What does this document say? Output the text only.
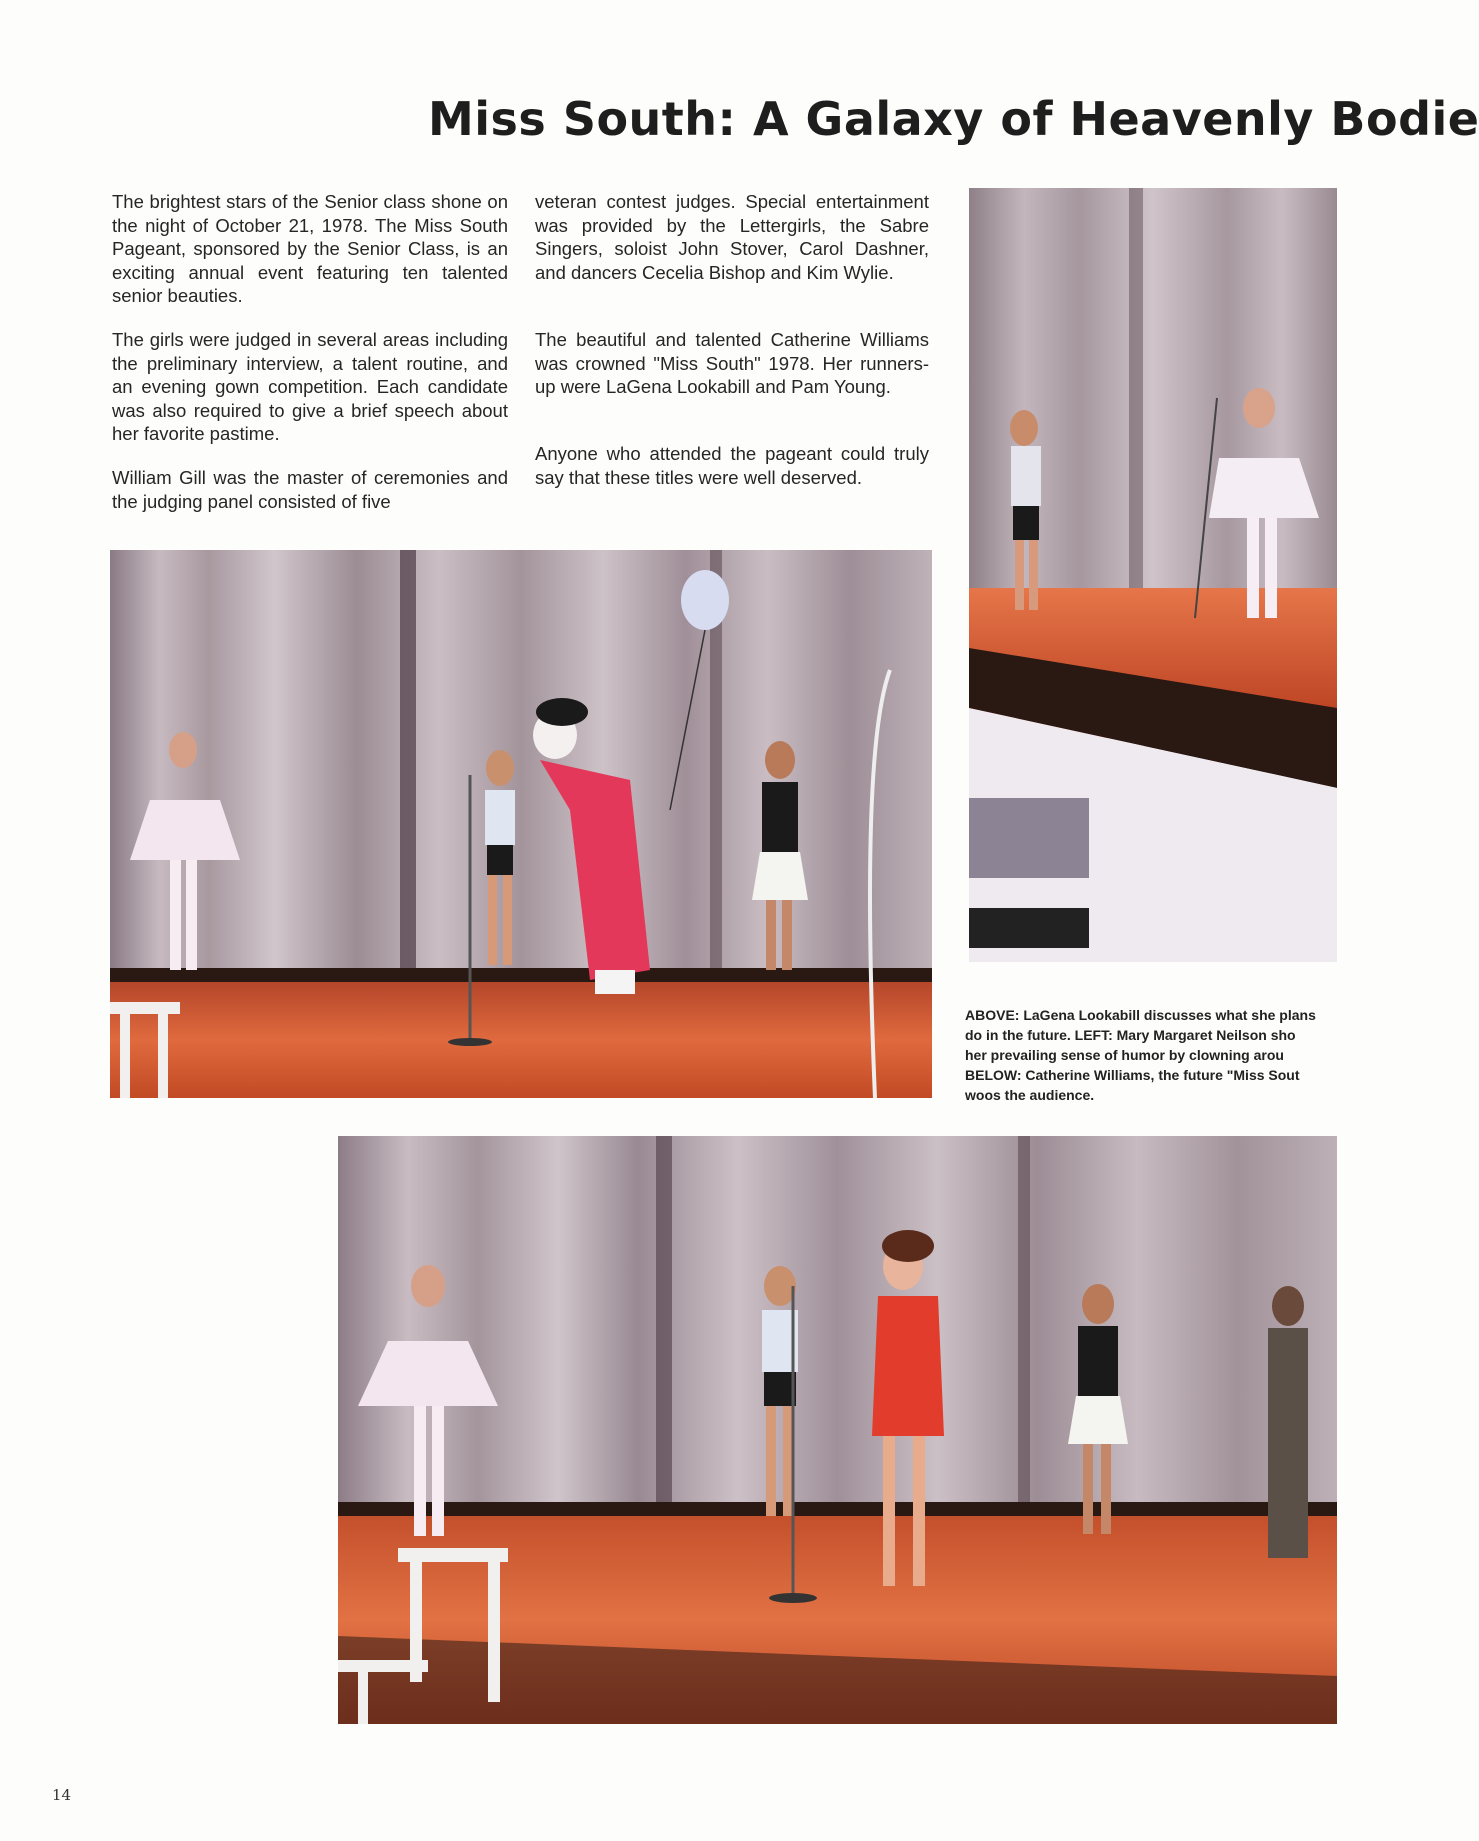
Miss South: A Galaxy of Heavenly Bodie

The brightest stars of the Senior class shone on the night of October 21, 1978. The Miss South Pageant, sponsored by the Senior Class, is an exciting annual event featuring ten talented senior beauties.

The girls were judged in several areas including the preliminary interview, a talent routine, and an evening gown competition. Each candidate was also required to give a brief speech about her favorite pastime.

William Gill was the master of ceremonies and the judging panel consisted of five

veteran contest judges. Special entertainment was provided by the Lettergirls, the Sabre Singers, soloist John Stover, Carol Dashner, and dancers Cecelia Bishop and Kim Wylie.

The beautiful and talented Catherine Williams was crowned "Miss South" 1978. Her runners-up were LaGena Lookabill and Pam Young.

Anyone who attended the pageant could truly say that these titles were well deserved.

ABOVE: LaGena Lookabill discusses what she plans
do in the future. LEFT: Mary Margaret Neilson sho
her prevailing sense of humor by clowning arou
BELOW: Catherine Williams, the future "Miss Sout
woos the audience.
14
